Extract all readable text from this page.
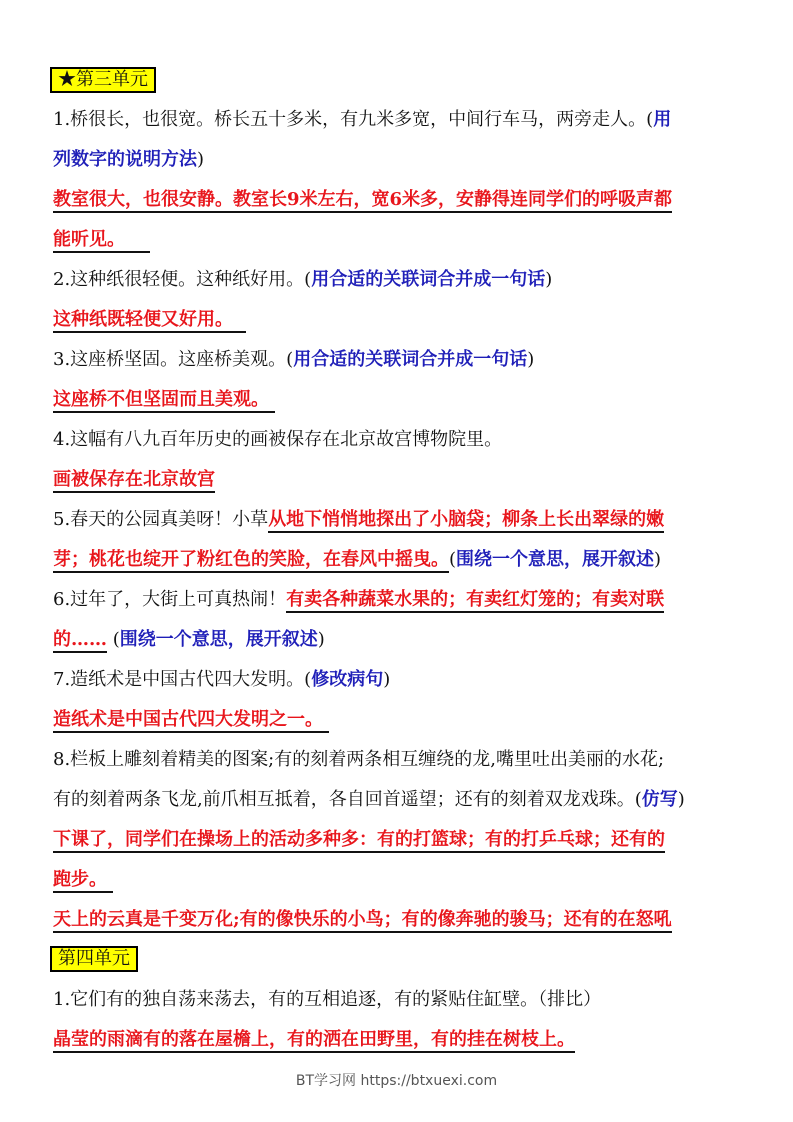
★第三单元
1.桥很长，也很宽。桥长五十多米，有九米多宽，中间行车马，两旁走人。(用
列数字的说明方法)
教室很大，也很安静。教室长9米左右，宽6米多，安静得连同学们的呼吸声都
能听见。
2.这种纸很轻便。这种纸好用。(用合适的关联词合并成一句话)
这种纸既轻便又好用。
3.这座桥坚固。这座桥美观。(用合适的关联词合并成一句话)
这座桥不但坚固而且美观。
4.这幅有八九百年历史的画被保存在北京故宫博物院里。
画被保存在北京故宫
5.春天的公园真美呀！小草从地下悄悄地探出了小脑袋；柳条上长出翠绿的嫩
芽；桃花也绽开了粉红色的笑脸，在春风中摇曳。(围绕一个意思，展开叙述)
6.过年了，大街上可真热闹！有卖各种蔬菜水果的；有卖红灯笼的；有卖对联
的…… (围绕一个意思，展开叙述)
7.造纸术是中国古代四大发明。(修改病句)
造纸术是中国古代四大发明之一。
8.栏板上雕刻着精美的图案;有的刻着两条相互缠绕的龙,嘴里吐出美丽的水花;
有的刻着两条飞龙,前爪相互抵着，各自回首遥望；还有的刻着双龙戏珠。(仿写)
下课了，同学们在操场上的活动多种多：有的打篮球；有的打乒乓球；还有的
跑步。
天上的云真是千变万化;有的像快乐的小鸟；有的像奔驰的骏马；还有的在怒吼
第四单元
1.它们有的独自荡来荡去，有的互相追逐，有的紧贴住缸壁。（排比）
晶莹的雨滴有的落在屋檐上，有的洒在田野里，有的挂在树枝上。
BT学习网 https://btxuexi.com
